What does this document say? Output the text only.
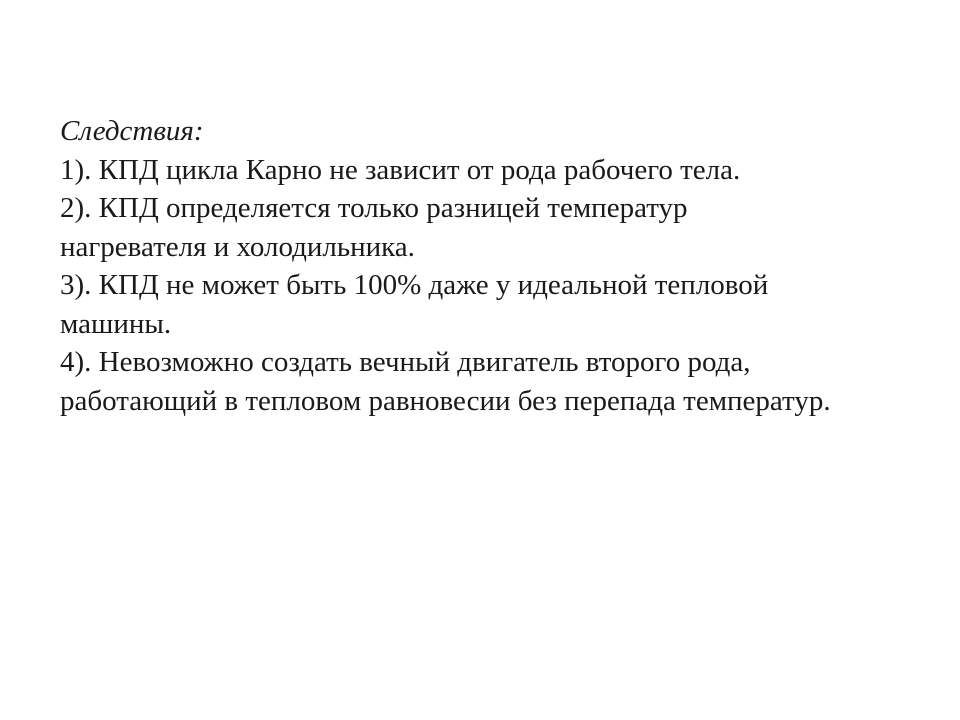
Следствия:

1). КПД цикла Карно не зависит от рода рабочего тела.

2). КПД определяется только разницей температур

нагревателя и холодильника.

3). КПД не может быть 100% даже у идеальной тепловой

машины.

4). Невозможно создать вечный двигатель второго рода,

работающий в тепловом равновесии без перепада температур.
